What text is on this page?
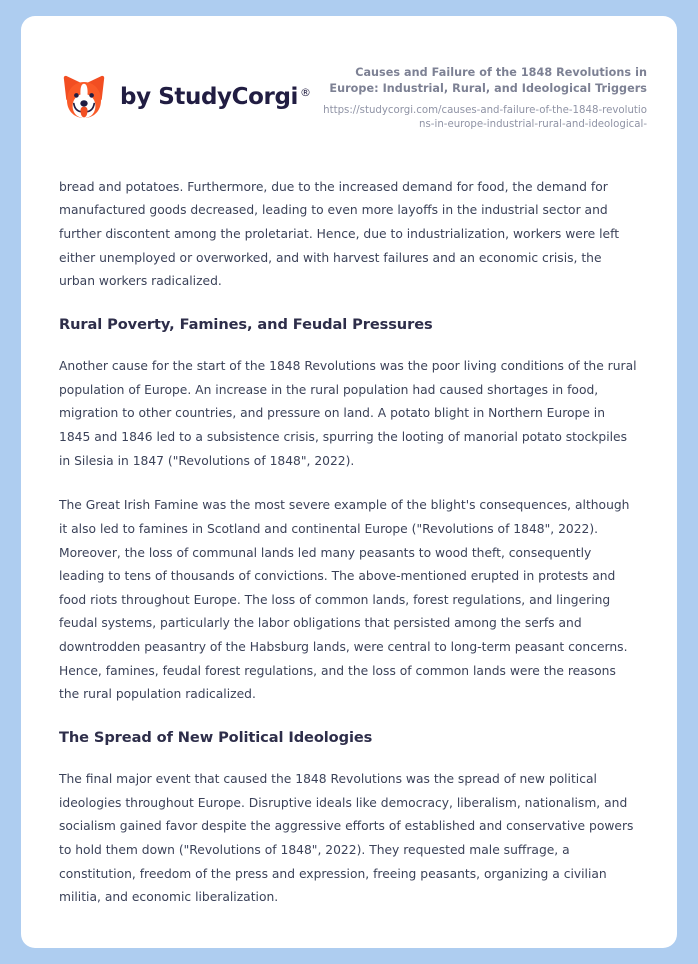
by StudyCorgi ®
Causes and Failure of the 1848 Revolutions in Europe: Industrial, Rural, and Ideological Triggers
https://studycorgi.com/causes-and-failure-of-the-1848-revolutions-in-europe-industrial-rural-and-ideological-

bread and potatoes. Furthermore, due to the increased demand for food, the demand for manufactured goods decreased, leading to even more layoffs in the industrial sector and further discontent among the proletariat. Hence, due to industrialization, workers were left either unemployed or overworked, and with harvest failures and an economic crisis, the urban workers radicalized.

Rural Poverty, Famines, and Feudal Pressures

Another cause for the start of the 1848 Revolutions was the poor living conditions of the rural population of Europe. An increase in the rural population had caused shortages in food, migration to other countries, and pressure on land. A potato blight in Northern Europe in 1845 and 1846 led to a subsistence crisis, spurring the looting of manorial potato stockpiles in Silesia in 1847 ("Revolutions of 1848", 2022).

The Great Irish Famine was the most severe example of the blight's consequences, although it also led to famines in Scotland and continental Europe ("Revolutions of 1848", 2022). Moreover, the loss of communal lands led many peasants to wood theft, consequently leading to tens of thousands of convictions. The above-mentioned erupted in protests and food riots throughout Europe. The loss of common lands, forest regulations, and lingering feudal systems, particularly the labor obligations that persisted among the serfs and downtrodden peasantry of the Habsburg lands, were central to long-term peasant concerns. Hence, famines, feudal forest regulations, and the loss of common lands were the reasons the rural population radicalized.

The Spread of New Political Ideologies

The final major event that caused the 1848 Revolutions was the spread of new political ideologies throughout Europe. Disruptive ideals like democracy, liberalism, nationalism, and socialism gained favor despite the aggressive efforts of established and conservative powers to hold them down ("Revolutions of 1848", 2022). They requested male suffrage, a constitution, freedom of the press and expression, freeing peasants, organizing a civilian militia, and economic liberalization.
